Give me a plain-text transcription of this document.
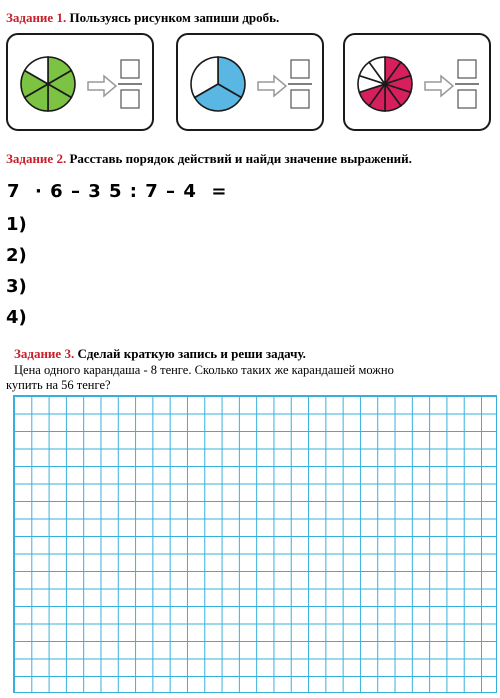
Задание 1. Пользуясь рисунком запиши дробь.
Задание 2. Расставь порядок действий и найди значение выражений.
7  · 6 – 3 5 : 7 – 4  =
1)
2)
3)
4)
Задание 3. Сделай краткую запись и реши задачу.
Цена одного карандаша - 8 тенге. Сколько таких же карандашей можно
купить на 56 тенге?
